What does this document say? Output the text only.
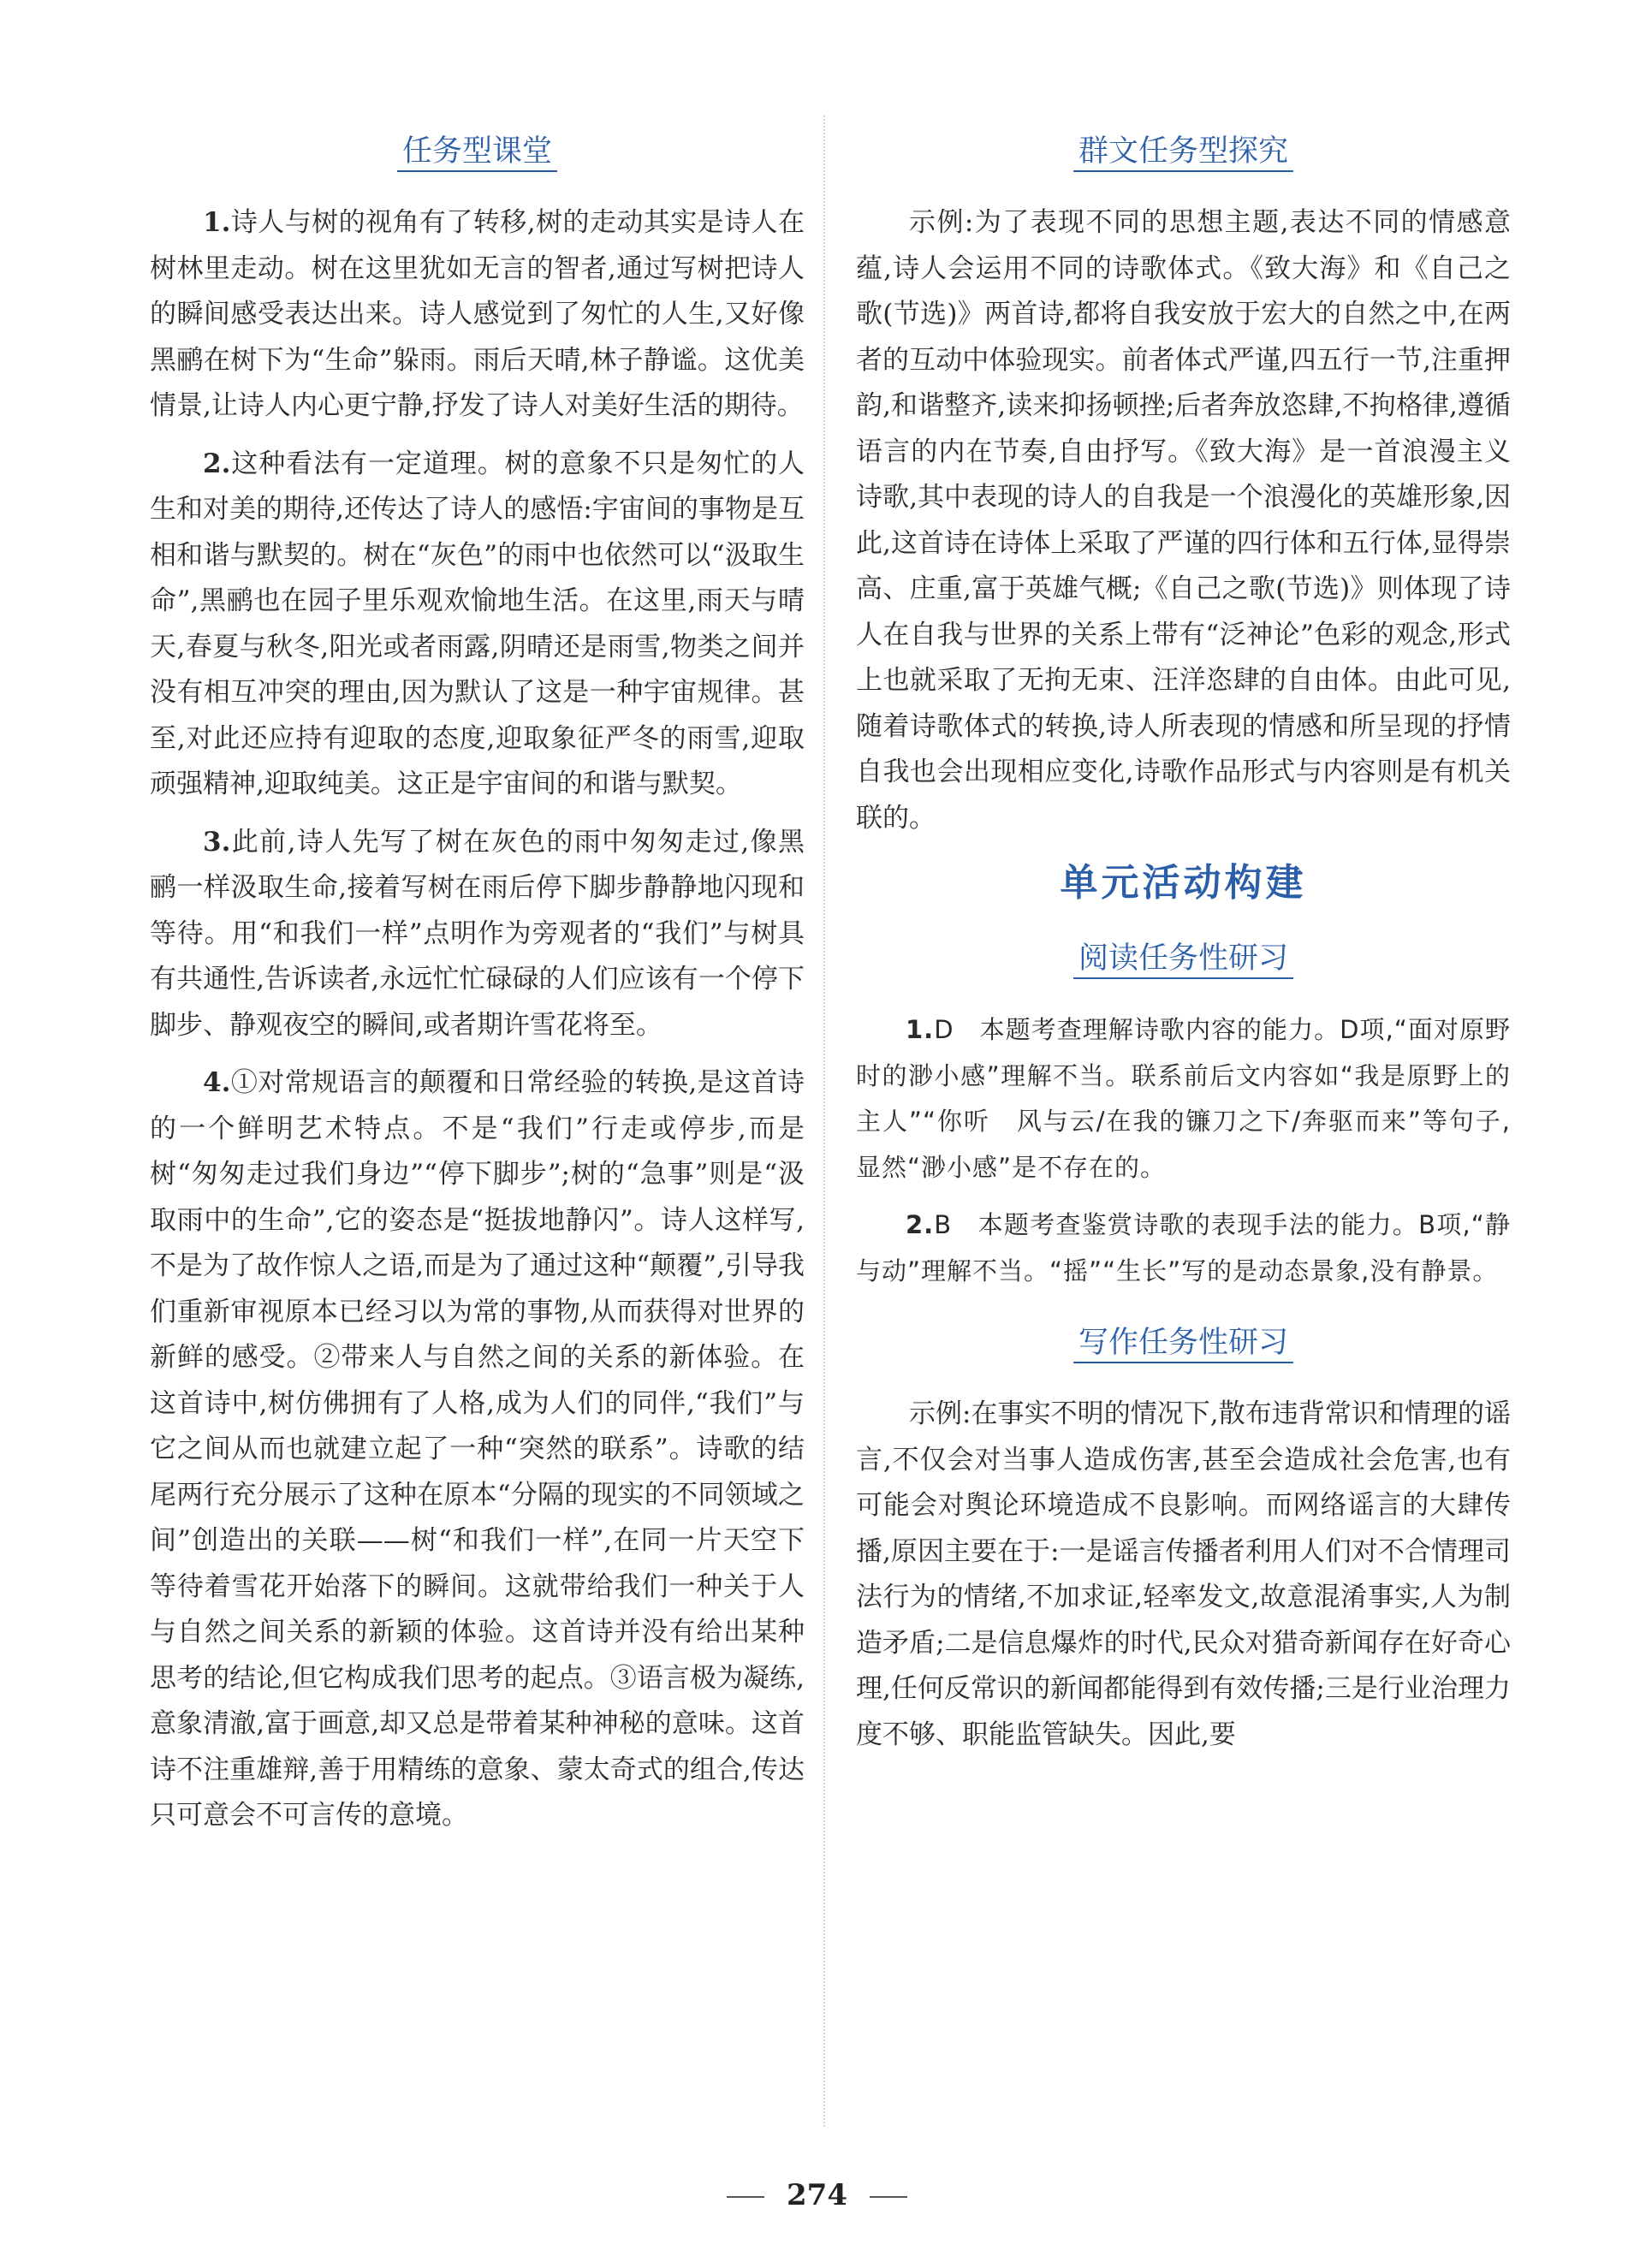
任务型课堂

1.诗人与树的视角有了转移,树的走动其实是诗人在树林里走动。树在这里犹如无言的智者,通过写树把诗人的瞬间感受表达出来。诗人感觉到了匆忙的人生,又好像黑鹂在树下为“生命”躲雨。雨后天晴,林子静谧。这优美情景,让诗人内心更宁静,抒发了诗人对美好生活的期待。

2.这种看法有一定道理。树的意象不只是匆忙的人生和对美的期待,还传达了诗人的感悟:宇宙间的事物是互相和谐与默契的。树在“灰色”的雨中也依然可以“汲取生命”,黑鹂也在园子里乐观欢愉地生活。在这里,雨天与晴天,春夏与秋冬,阳光或者雨露,阴晴还是雨雪,物类之间并没有相互冲突的理由,因为默认了这是一种宇宙规律。甚至,对此还应持有迎取的态度,迎取象征严冬的雨雪,迎取顽强精神,迎取纯美。这正是宇宙间的和谐与默契。

3.此前,诗人先写了树在灰色的雨中匆匆走过,像黑鹂一样汲取生命,接着写树在雨后停下脚步静静地闪现和等待。用“和我们一样”点明作为旁观者的“我们”与树具有共通性,告诉读者,永远忙忙碌碌的人们应该有一个停下脚步、静观夜空的瞬间,或者期许雪花将至。

4.①对常规语言的颠覆和日常经验的转换,是这首诗的一个鲜明艺术特点。不是“我们”行走或停步,而是树“匆匆走过我们身边”“停下脚步”;树的“急事”则是“汲取雨中的生命”,它的姿态是“挺拔地静闪”。诗人这样写,不是为了故作惊人之语,而是为了通过这种“颠覆”,引导我们重新审视原本已经习以为常的事物,从而获得对世界的新鲜的感受。②带来人与自然之间的关系的新体验。在这首诗中,树仿佛拥有了人格,成为人们的同伴,“我们”与它之间从而也就建立起了一种“突然的联系”。诗歌的结尾两行充分展示了这种在原本“分隔的现实的不同领域之间”创造出的关联——树“和我们一样”,在同一片天空下等待着雪花开始落下的瞬间。这就带给我们一种关于人与自然之间关系的新颖的体验。这首诗并没有给出某种思考的结论,但它构成我们思考的起点。③语言极为凝练,意象清澈,富于画意,却又总是带着某种神秘的意味。这首诗不注重雄辩,善于用精练的意象、蒙太奇式的组合,传达只可意会不可言传的意境。

群文任务型探究

示例:为了表现不同的思想主题,表达不同的情感意蕴,诗人会运用不同的诗歌体式。《致大海》和《自己之歌(节选)》两首诗,都将自我安放于宏大的自然之中,在两者的互动中体验现实。前者体式严谨,四五行一节,注重押韵,和谐整齐,读来抑扬顿挫;后者奔放恣肆,不拘格律,遵循语言的内在节奏,自由抒写。《致大海》是一首浪漫主义诗歌,其中表现的诗人的自我是一个浪漫化的英雄形象,因此,这首诗在诗体上采取了严谨的四行体和五行体,显得崇高、庄重,富于英雄气概;《自己之歌(节选)》则体现了诗人在自我与世界的关系上带有“泛神论”色彩的观念,形式上也就采取了无拘无束、汪洋恣肆的自由体。由此可见,随着诗歌体式的转换,诗人所表现的情感和所呈现的抒情自我也会出现相应变化,诗歌作品形式与内容则是有机关联的。

单元活动构建
阅读任务性研习

1.D　本题考查理解诗歌内容的能力。D项,“面对原野时的渺小感”理解不当。联系前后文内容如“我是原野上的主人”“你听　风与云/在我的镰刀之下/奔驱而来”等句子,显然“渺小感”是不存在的。

2.B　本题考查鉴赏诗歌的表现手法的能力。B项,“静与动”理解不当。“摇”“生长”写的是动态景象,没有静景。

写作任务性研习

示例:在事实不明的情况下,散布违背常识和情理的谣言,不仅会对当事人造成伤害,甚至会造成社会危害,也有可能会对舆论环境造成不良影响。而网络谣言的大肆传播,原因主要在于:一是谣言传播者利用人们对不合情理司法行为的情绪,不加求证,轻率发文,故意混淆事实,人为制造矛盾;二是信息爆炸的时代,民众对猎奇新闻存在好奇心理,任何反常识的新闻都能得到有效传播;三是行业治理力度不够、职能监管缺失。因此,要

274
